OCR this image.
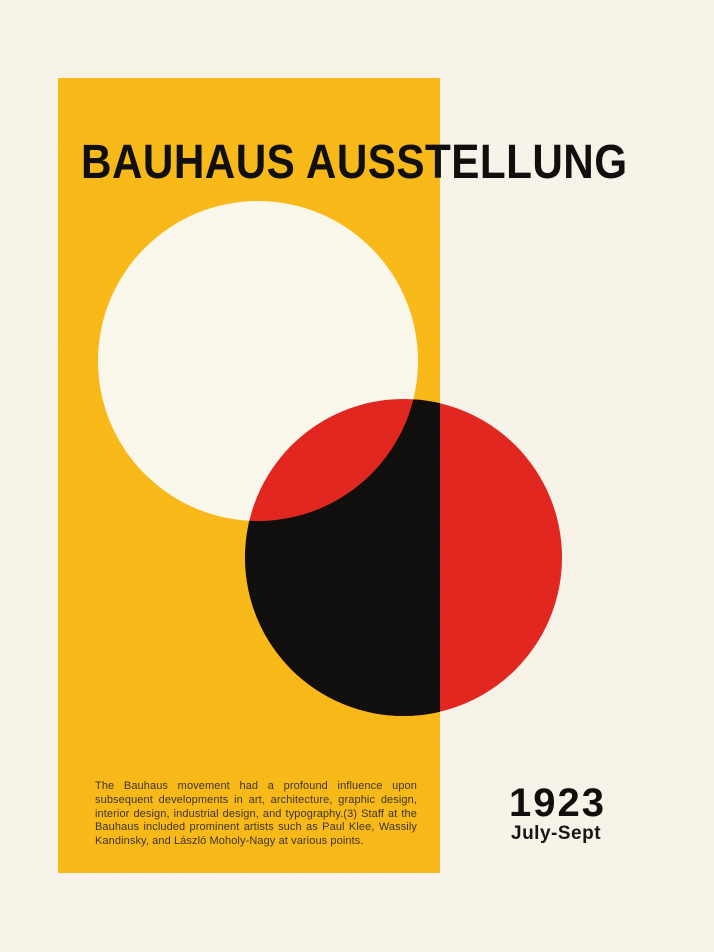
BAUHAUS AUSSTELLUNG

The Bauhaus movement had a profound influence upon subsequent developments in art, architecture, graphic design, interior design, industrial design, and typography.(3) Staff at the Bauhaus included prominent artists such as Paul Klee, Wassily Kandinsky, and László Moholy-Nagy at various points.

1923
July-Sept
